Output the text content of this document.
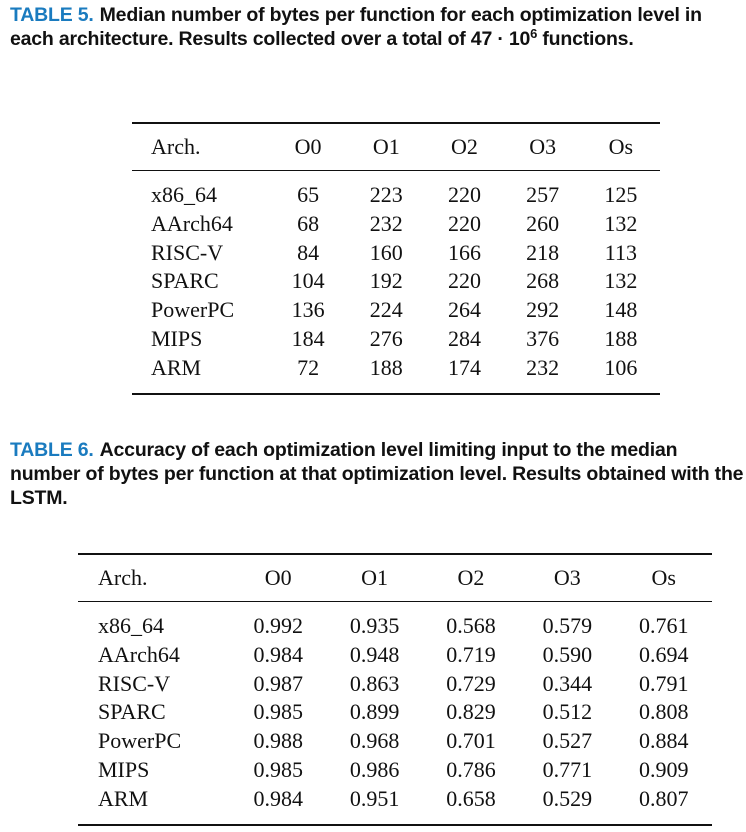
TABLE 5. Median number of bytes per function for each optimization level in each architecture. Results collected over a total of $47 \cdot 10^6$ functions.
Arch.	O0	O1	O2	O3	Os
x86_64	65	223	220	257	125
AArch64	68	232	220	260	132
RISC-V	84	160	166	218	113
SPARC	104	192	220	268	132
PowerPC	136	224	264	292	148
MIPS	184	276	284	376	188
ARM	72	188	174	232	106
TABLE 6. Accuracy of each optimization level limiting input to the median number of bytes per function at that optimization level. Results obtained with the LSTM.
Arch.	O0	O1	O2	O3	Os
x86_64	0.992	0.935	0.568	0.579	0.761
AArch64	0.984	0.948	0.719	0.590	0.694
RISC-V	0.987	0.863	0.729	0.344	0.791
SPARC	0.985	0.899	0.829	0.512	0.808
PowerPC	0.988	0.968	0.701	0.527	0.884
MIPS	0.985	0.986	0.786	0.771	0.909
ARM	0.984	0.951	0.658	0.529	0.807
